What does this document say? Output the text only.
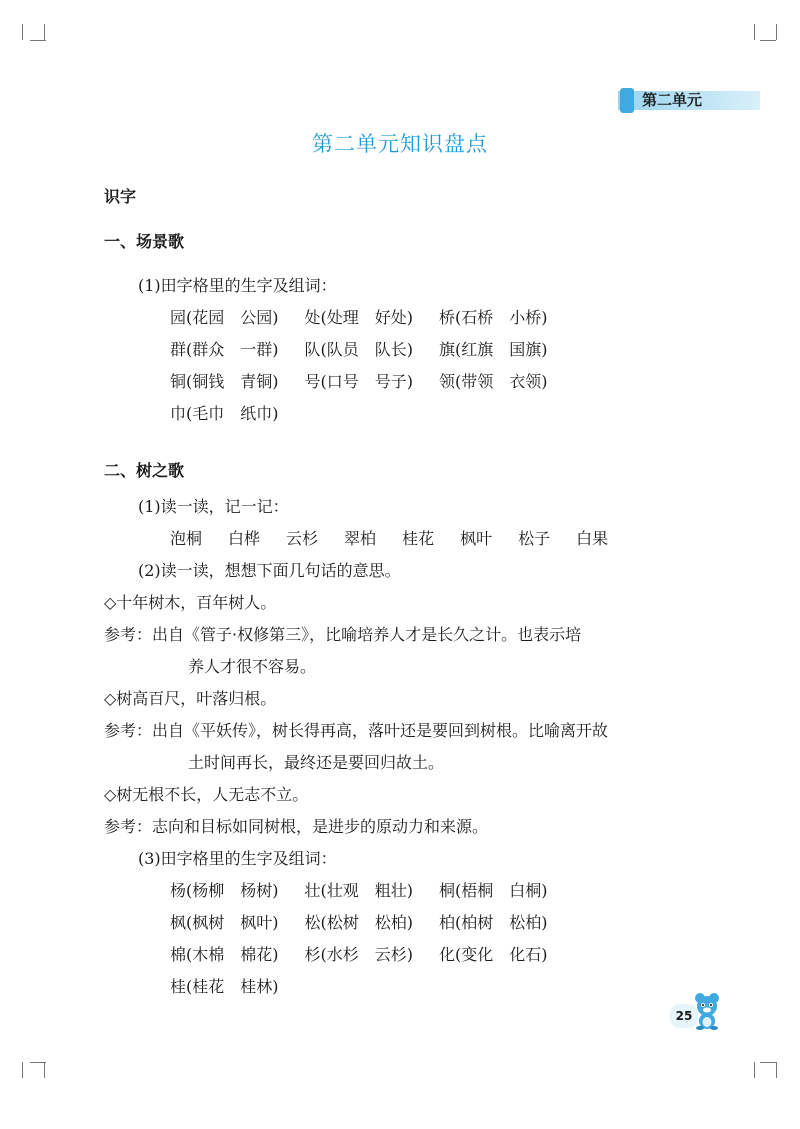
第二单元
第二单元知识盘点
识字
一、场景歌
(1)田字格里的生字及组词：
园(花园　公园) 处(处理　好处) 桥(石桥　小桥)
群(群众　一群) 队(队员　队长) 旗(红旗　国旗)
铜(铜钱　青铜) 号(口号　号子) 领(带领　衣领)
巾(毛巾　纸巾)
二、树之歌
(1)读一读，记一记：
泡桐 白桦 云杉 翠柏 桂花 枫叶 松子 白果
(2)读一读，想想下面几句话的意思。
◇十年树木，百年树人。
参考：出自《管子·权修第三》，比喻培养人才是长久之计。也表示培
养人才很不容易。
◇树高百尺，叶落归根。
参考：出自《平妖传》，树长得再高，落叶还是要回到树根。比喻离开故
土时间再长，最终还是要回归故土。
◇树无根不长，人无志不立。
参考：志向和目标如同树根，是进步的原动力和来源。
(3)田字格里的生字及组词：
杨(杨柳　杨树) 壮(壮观　粗壮) 桐(梧桐　白桐)
枫(枫树　枫叶) 松(松树　松柏) 柏(柏树　松柏)
棉(木棉　棉花) 杉(水杉　云杉) 化(变化　化石)
桂(桂花　桂林)
25
